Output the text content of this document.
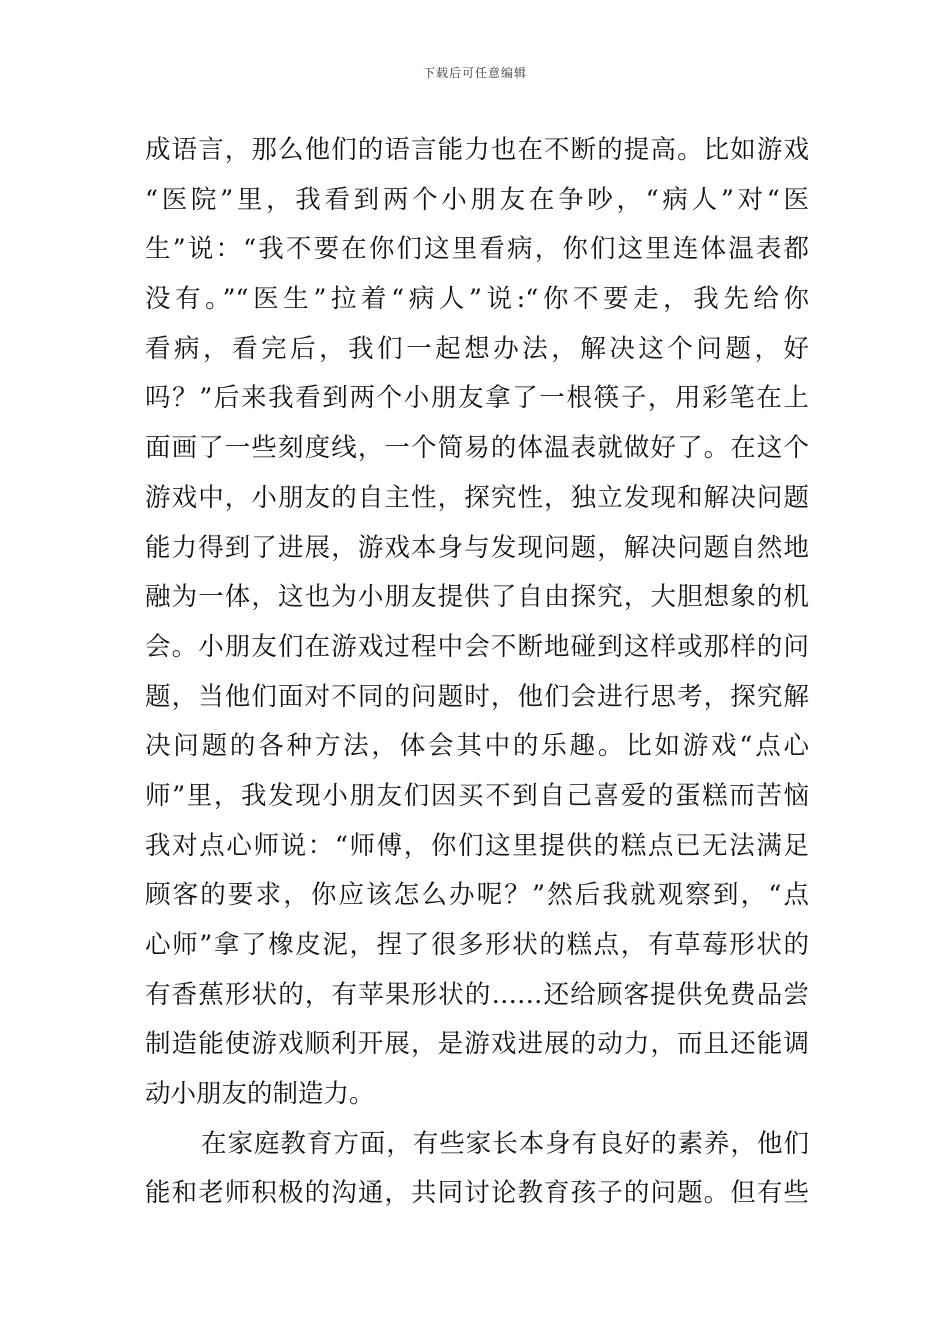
下载后可任意编辑
成语言，那么他们的语言能力也在不断的提高。比如游戏
“医院”里，我看到两个小朋友在争吵，“病人”对“医
生”说：“我不要在你们这里看病，你们这里连体温表都
没有。”“医生”拉着“病人”说:“你不要走，我先给你
看病，看完后，我们一起想办法，解决这个问题，好
吗？”后来我看到两个小朋友拿了一根筷子，用彩笔在上
面画了一些刻度线，一个简易的体温表就做好了。在这个
游戏中，小朋友的自主性，探究性，独立发现和解决问题
能力得到了进展，游戏本身与发现问题，解决问题自然地
融为一体，这也为小朋友提供了自由探究，大胆想象的机
会。小朋友们在游戏过程中会不断地碰到这样或那样的问
题，当他们面对不同的问题时，他们会进行思考，探究解
决问题的各种方法，体会其中的乐趣。比如游戏“点心
师”里，我发现小朋友们因买不到自己喜爱的蛋糕而苦恼
我对点心师说：“师傅，你们这里提供的糕点已无法满足
顾客的要求，你应该怎么办呢？”然后我就观察到，“点
心师”拿了橡皮泥，捏了很多形状的糕点，有草莓形状的
有香蕉形状的，有苹果形状的……还给顾客提供免费品尝
制造能使游戏顺利开展，是游戏进展的动力，而且还能调
动小朋友的制造力。
在家庭教育方面，有些家长本身有良好的素养，他们
能和老师积极的沟通，共同讨论教育孩子的问题。但有些
